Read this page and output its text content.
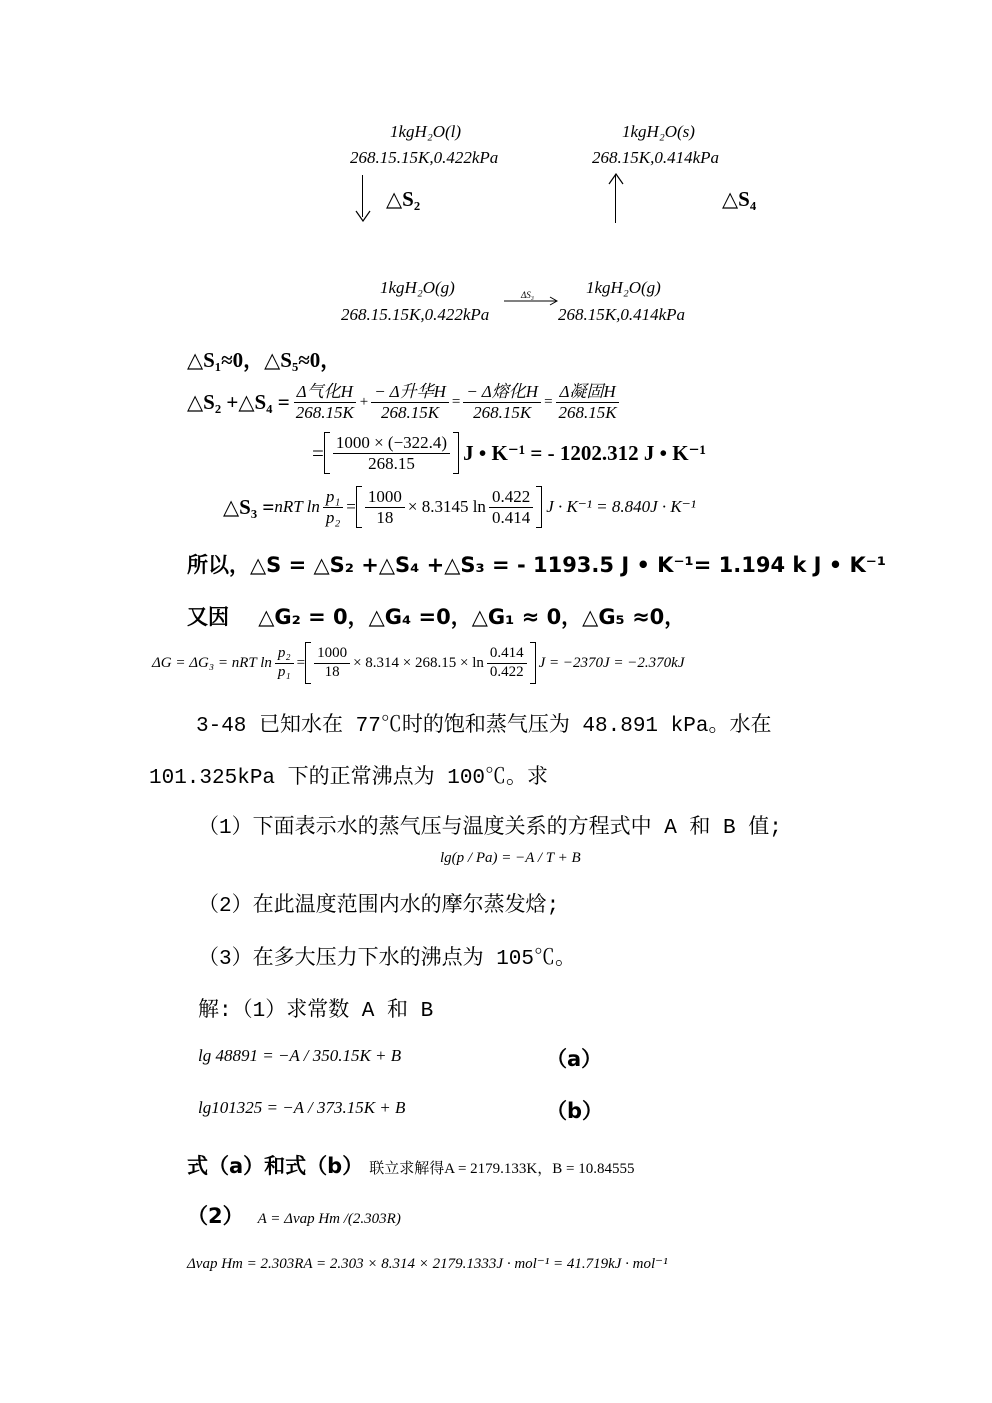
1kgH₂O(l)
268.15.15K,0.422kPa
1kgH₂O(s)
268.15K,0.414kPa
△S₂	△S₄
1kgH₂O(g)
268.15.15K,0.422kPa
ΔS₃	1kgH₂O(g)
268.15K,0.414kPa
△S₁≈0，△S₅≈0，
△S₂ +△S₄ = $\frac{\text{Δ气化H}}{268.15K} + \frac{\text{− Δ升华H}}{268.15K} = \frac{\text{− Δ熔化H}}{268.15K} = \frac{\text{Δ凝固H}}{268.15K}$
= $\frac{1000 \times (-322.4)}{268.15}$ J • K⁻¹ = - 1202.312 J • K⁻¹
△S₃ = nRT $\ln \frac{\text{p₁}}{\text{p₂}} = \frac{1000}{18} \times 8.3145$ $\ln \frac{0.422}{0.414}$ J · K⁻¹ = 8.840J · K⁻¹
所以，△S = △S₂ +△S₄ +△S₃ = - 1193.5 J • K⁻¹= 1.194 k J • K⁻¹
又因    △G₂ = 0，△G₄ =0，△G₁ ≈ 0，△G₅ ≈0，
ΔG = ΔG₃ = nRT $\ln \frac{\text{p₂}}{\text{p₁}} = \frac{1000}{18} \times 8.314 \times 268.15 \times \ln \frac{0.414}{0.422}$ J = −2370J = −2.370kJ
3-48 已知水在 77℃时的饱和蒸气压为 48.891 kPa。水在
101.325kPa 下的正常沸点为 100℃。求
（1）下面表示水的蒸气压与温度关系的方程式中 A 和 B 值;
lg(p / Pa) = −A / T + B
（2）在此温度范围内水的摩尔蒸发焓;
（3）在多大压力下水的沸点为 105℃。
解:（1）求常数 A 和 B
lg 48891 = −A / 350.15K + B	（a）
lg101325 = −A / 373.15K + B	（b）
式（a）和式（b） 联立求解得A = 2179.133K，B = 10.84555
（2） A = Δvap Hm /(2.303R)
Δvap Hm = 2.303RA = 2.303 × 8.314 × 2179.1333J · mol⁻¹ = 41.719kJ · mol⁻¹
